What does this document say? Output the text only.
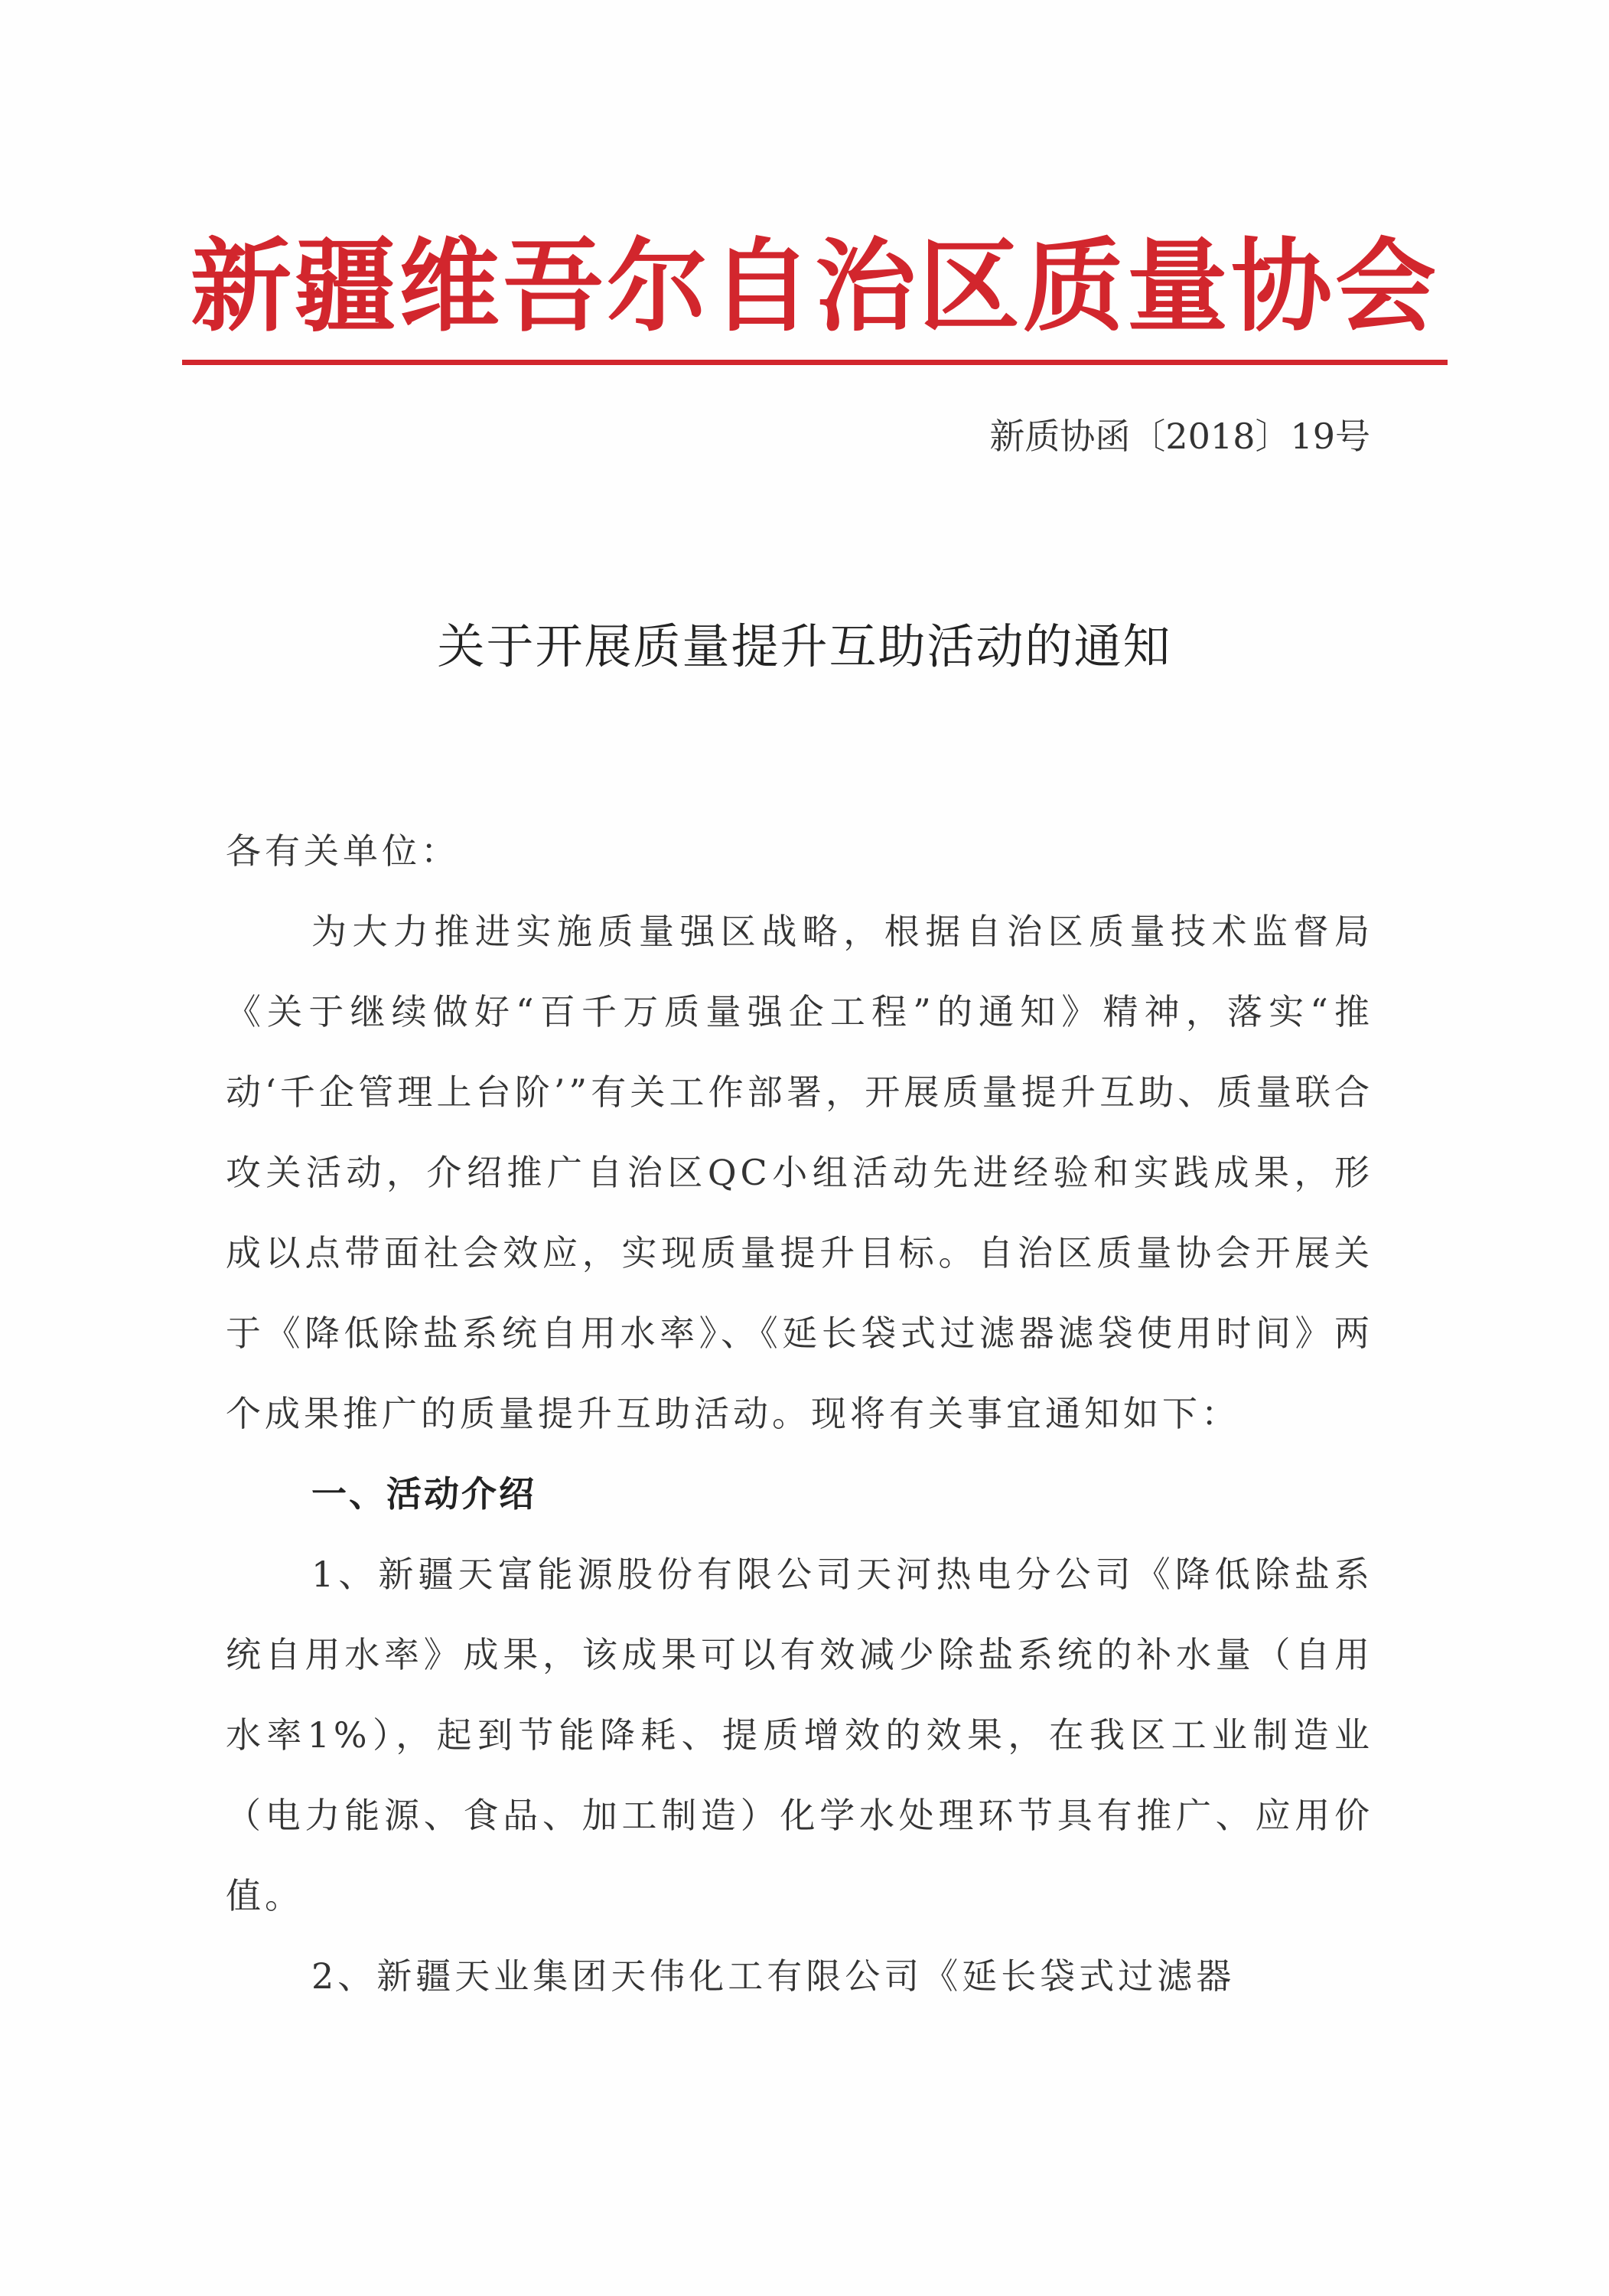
新疆维吾尔自治区质量协会
新质协函〔2018〕19号
关于开展质量提升互助活动的通知

各有关单位：

为大力推进实施质量强区战略，根据自治区质量技术监督局《关于继续做好“百千万质量强企工程”的通知》精神，落实“推动‘千企管理上台阶’”有关工作部署，开展质量提升互助、质量联合攻关活动，介绍推广自治区QC小组活动先进经验和实践成果，形成以点带面社会效应，实现质量提升目标。自治区质量协会开展关于《降低除盐系统自用水率》、《延长袋式过滤器滤袋使用时间》两个成果推广的质量提升互助活动。现将有关事宜通知如下：

一、活动介绍

1、新疆天富能源股份有限公司天河热电分公司《降低除盐系统自用水率》成果，该成果可以有效减少除盐系统的补水量（自用水率1%），起到节能降耗、提质增效的效果，在我区工业制造业（电力能源、食品、加工制造）化学水处理环节具有推广、应用价值。

2、新疆天业集团天伟化工有限公司《延长袋式过滤器
